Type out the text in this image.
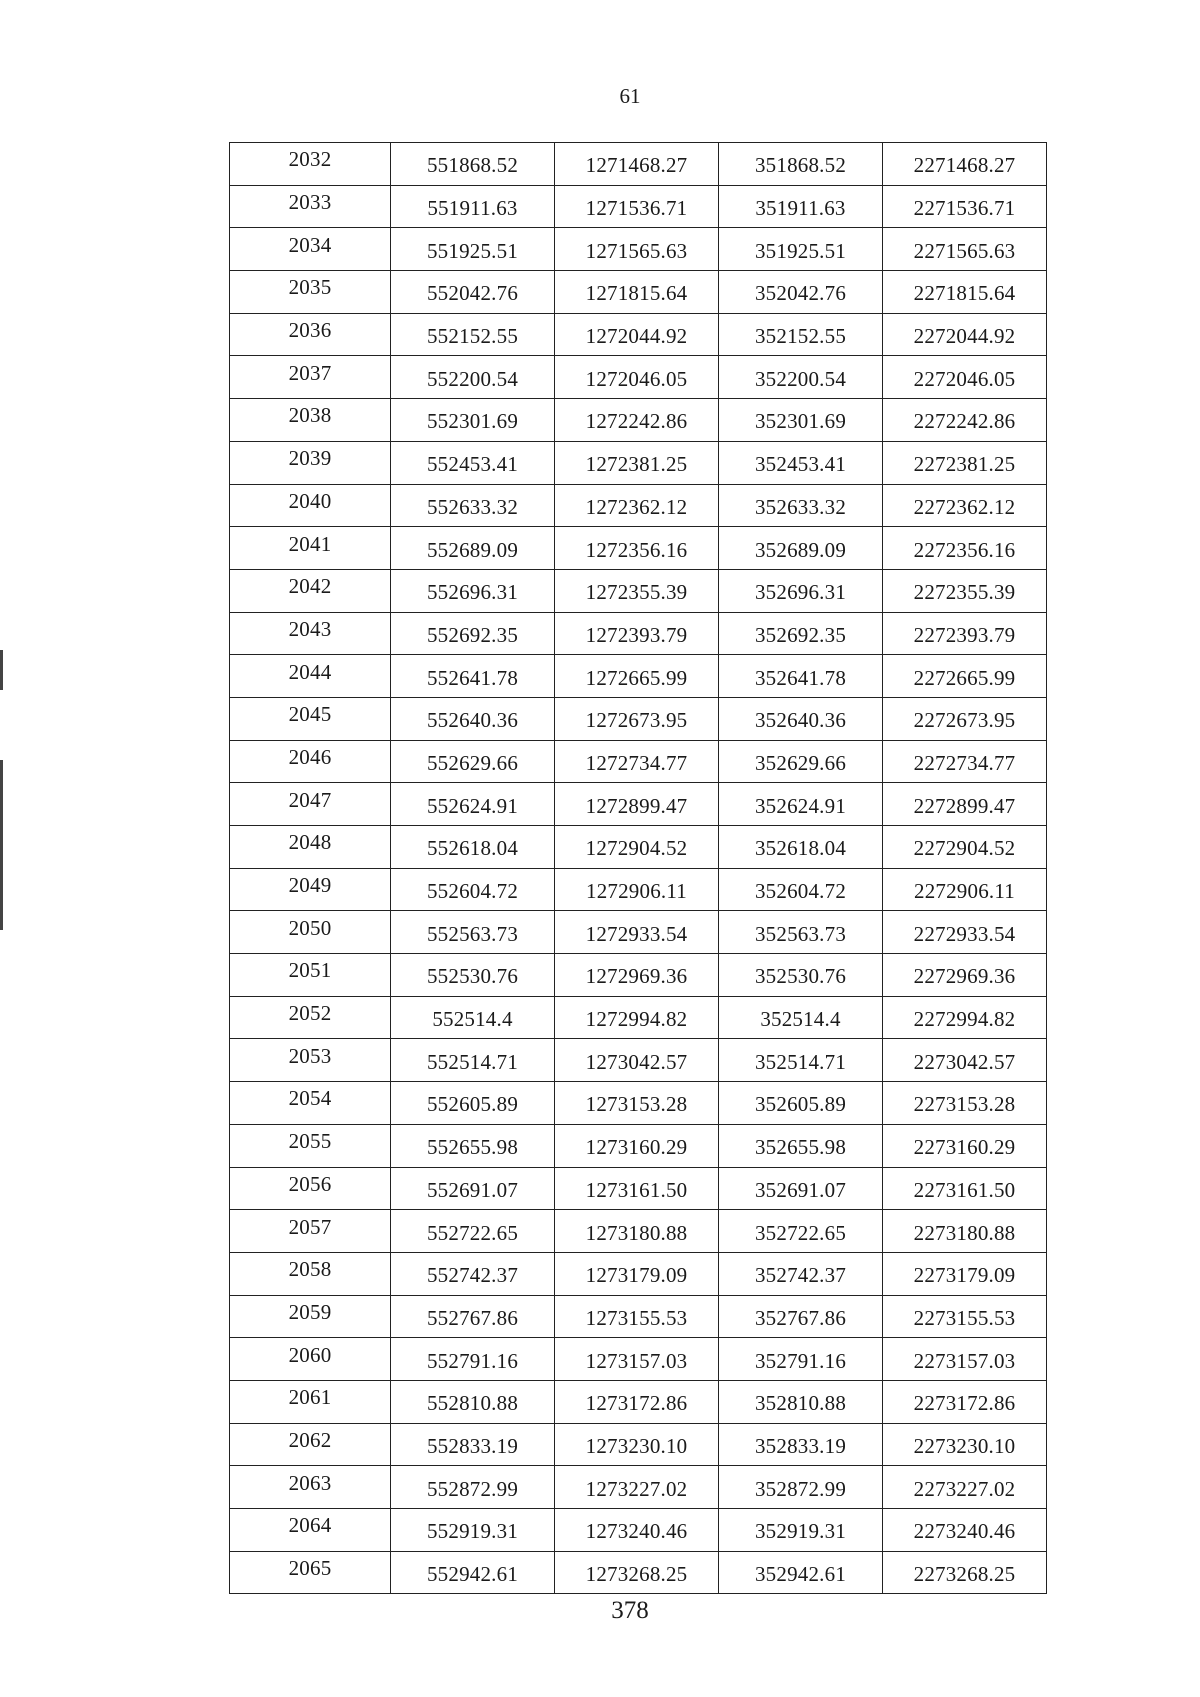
61
2032	551868.52	1271468.27	351868.52	2271468.27
2033	551911.63	1271536.71	351911.63	2271536.71
2034	551925.51	1271565.63	351925.51	2271565.63
2035	552042.76	1271815.64	352042.76	2271815.64
2036	552152.55	1272044.92	352152.55	2272044.92
2037	552200.54	1272046.05	352200.54	2272046.05
2038	552301.69	1272242.86	352301.69	2272242.86
2039	552453.41	1272381.25	352453.41	2272381.25
2040	552633.32	1272362.12	352633.32	2272362.12
2041	552689.09	1272356.16	352689.09	2272356.16
2042	552696.31	1272355.39	352696.31	2272355.39
2043	552692.35	1272393.79	352692.35	2272393.79
2044	552641.78	1272665.99	352641.78	2272665.99
2045	552640.36	1272673.95	352640.36	2272673.95
2046	552629.66	1272734.77	352629.66	2272734.77
2047	552624.91	1272899.47	352624.91	2272899.47
2048	552618.04	1272904.52	352618.04	2272904.52
2049	552604.72	1272906.11	352604.72	2272906.11
2050	552563.73	1272933.54	352563.73	2272933.54
2051	552530.76	1272969.36	352530.76	2272969.36
2052	552514.4	1272994.82	352514.4	2272994.82
2053	552514.71	1273042.57	352514.71	2273042.57
2054	552605.89	1273153.28	352605.89	2273153.28
2055	552655.98	1273160.29	352655.98	2273160.29
2056	552691.07	1273161.50	352691.07	2273161.50
2057	552722.65	1273180.88	352722.65	2273180.88
2058	552742.37	1273179.09	352742.37	2273179.09
2059	552767.86	1273155.53	352767.86	2273155.53
2060	552791.16	1273157.03	352791.16	2273157.03
2061	552810.88	1273172.86	352810.88	2273172.86
2062	552833.19	1273230.10	352833.19	2273230.10
2063	552872.99	1273227.02	352872.99	2273227.02
2064	552919.31	1273240.46	352919.31	2273240.46
2065	552942.61	1273268.25	352942.61	2273268.25
378
